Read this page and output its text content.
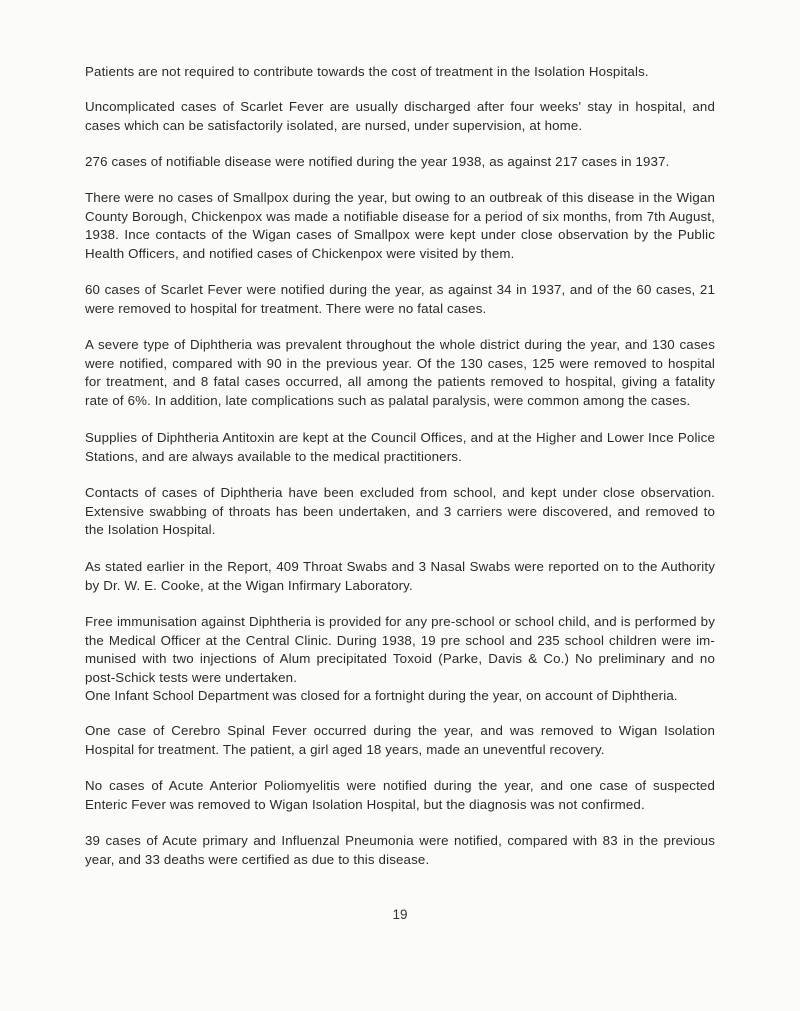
Patients are not required to contribute towards the cost of treatment in the Isolation Hospitals.

Uncomplicated cases of Scarlet Fever are usually discharged after four weeks' stay in hospital, and cases which can be satisfactorily isolated, are nursed, under supervision, at home.

276 cases of notifiable disease were notified during the year 1938, as against 217 cases in 1937.

There were no cases of Smallpox during the year, but owing to an outbreak of this disease in the Wigan County Borough, Chickenpox was made a notifiable disease for a period of six months, from 7th August, 1938. Ince contacts of the Wigan cases of Smallpox were kept under close observation by the Public Health Officers, and notified cases of Chickenpox were visited by them.

60 cases of Scarlet Fever were notified during the year, as against 34 in 1937, and of the 60 cases, 21 were removed to hospital for treatment. There were no fatal cases.

A severe type of Diphtheria was prevalent throughout the whole district during the year, and 130 cases were notified, compared with 90 in the previous year. Of the 130 cases, 125 were removed to hospital for treatment, and 8 fatal cases occurred, all among the patients removed to hospital, giving a fatality rate of 6%. In addition, late complications such as palatal paralysis, were common among the cases.

Supplies of Diphtheria Antitoxin are kept at the Council Offices, and at the Higher and Lower Ince Police Stations, and are always available to the medical practitioners.

Contacts of cases of Diphtheria have been excluded from school, and kept under close observation. Extensive swabbing of throats has been undertaken, and 3 carriers were discovered, and removed to the Isolation Hospital.

As stated earlier in the Report, 409 Throat Swabs and 3 Nasal Swabs were reported on to the Authority by Dr. W. E. Cooke, at the Wigan Infirmary Laboratory.

Free immunisation against Diphtheria is provided for any pre-school or school child, and is performed by the Medical Officer at the Central Clinic. During 1938, 19 pre school and 235 school children were im-munised with two injections of Alum precipitated Toxoid (Parke, Davis & Co.) No preliminary and no post-Schick tests were undertaken.

One Infant School Department was closed for a fortnight during the year, on account of Diphtheria.

One case of Cerebro Spinal Fever occurred during the year, and was removed to Wigan Isolation Hospital for treatment. The patient, a girl aged 18 years, made an uneventful recovery.

No cases of Acute Anterior Poliomyelitis were notified during the year, and one case of suspected Enteric Fever was removed to Wigan Isolation Hospital, but the diagnosis was not confirmed.

39 cases of Acute primary and Influenzal Pneumonia were notified, compared with 83 in the previous year, and 33 deaths were certified as due to this disease.

19
